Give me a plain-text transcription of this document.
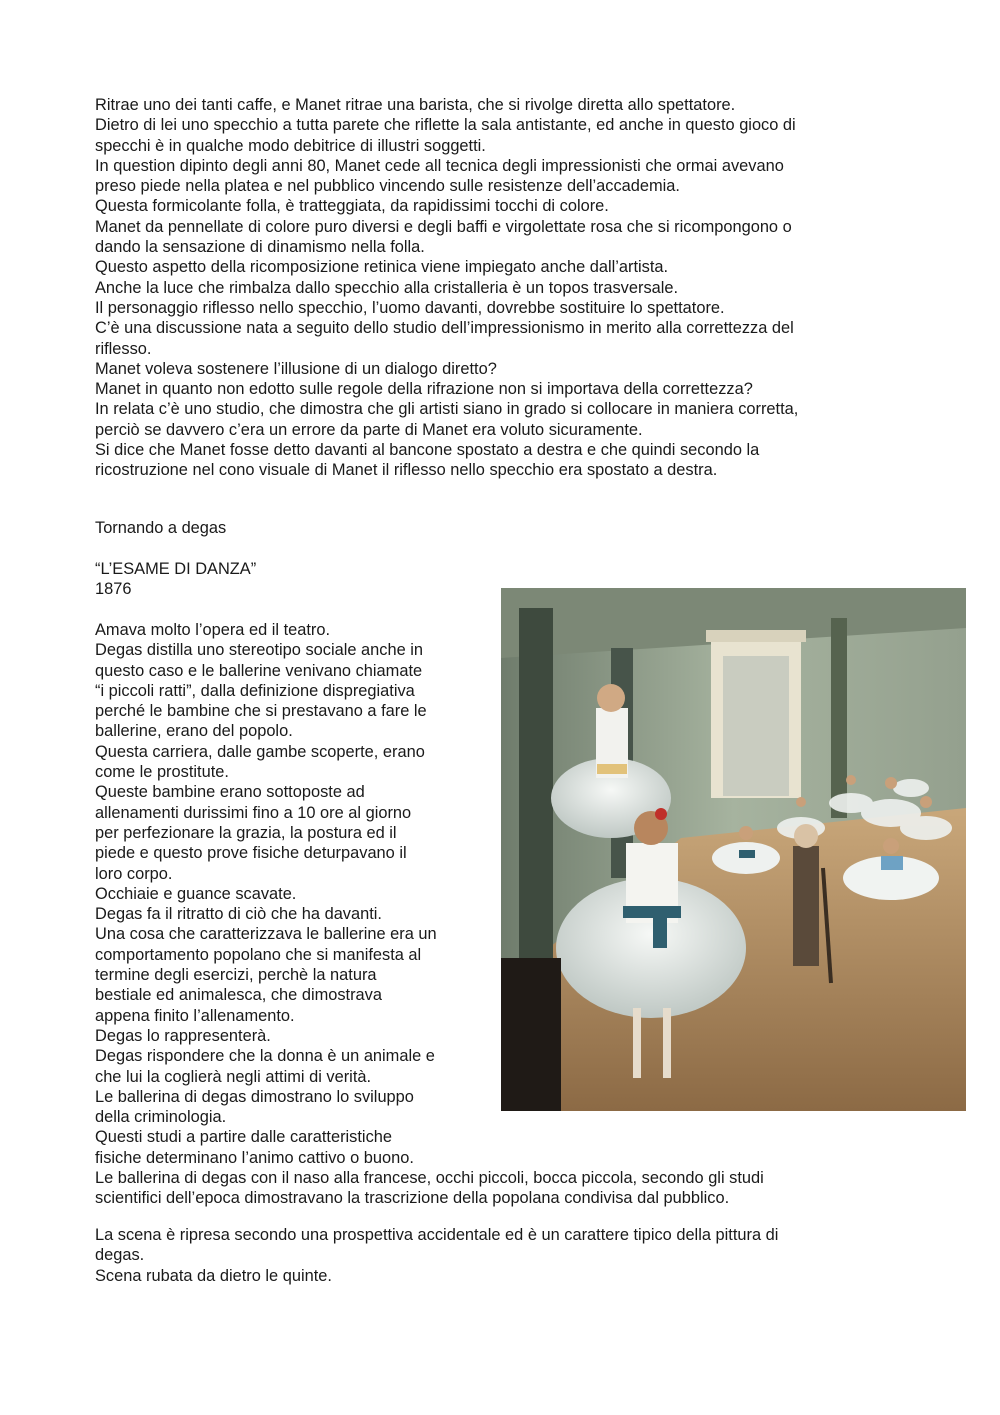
Ritrae uno dei tanti caffe, e Manet ritrae una barista, che si rivolge diretta allo spettatore.
Dietro di lei uno specchio a tutta parete che riflette la sala antistante, ed anche in questo gioco di
specchi è in qualche modo debitrice di illustri soggetti.
In question dipinto degli anni 80, Manet cede all tecnica degli impressionisti che ormai avevano
preso piede nella platea e nel pubblico vincendo sulle resistenze dell’accademia.
Questa formicolante folla, è tratteggiata, da rapidissimi tocchi di colore.
Manet da pennellate di colore puro diversi e degli baffi e virgolettate rosa che si ricompongono o
dando la sensazione di dinamismo nella folla.
Questo aspetto della ricomposizione retinica viene impiegato anche dall’artista.
Anche la luce che rimbalza dallo specchio alla cristalleria è un topos trasversale.
Il personaggio riflesso nello specchio, l’uomo davanti, dovrebbe sostituire lo spettatore.
C’è una discussione nata a seguito dello studio dell’impressionismo in merito alla correttezza del
riflesso.
Manet voleva sostenere l’illusione di un dialogo diretto?
Manet in quanto non edotto sulle regole della rifrazione non si importava della correttezza?
In relata c’è uno studio, che dimostra che gli artisti siano in grado si collocare in maniera corretta,
perciò se davvero c’era un errore da parte di Manet era voluto sicuramente.
Si dice che Manet fosse detto davanti al bancone spostato a destra e che quindi secondo la
ricostruzione nel cono visuale di Manet il riflesso nello specchio era spostato a destra.
Tornando a degas
“L’ESAME DI DANZA”
1876
Amava molto l’opera ed il teatro.
Degas distilla uno stereotipo sociale anche in
questo caso e le ballerine venivano chiamate
“i piccoli ratti”, dalla definizione dispregiativa
perché le bambine che si prestavano a fare le
ballerine, erano del popolo.
Questa carriera, dalle gambe scoperte, erano
come le prostitute.
Queste bambine erano sottoposte ad
allenamenti durissimi fino a 10 ore al giorno
per perfezionare la grazia, la postura ed il
piede e questo prove fisiche deturpavano il
loro corpo.
Occhiaie e guance scavate.
Degas fa il ritratto di ciò che ha davanti.
Una cosa che caratterizzava le ballerine era un
comportamento popolano che si manifesta al
termine degli esercizi, perchè la natura
bestiale ed animalesca, che dimostrava
appena finito l’allenamento.
Degas lo rappresenterà.
Degas rispondere che la donna è un animale e
che lui la coglierà negli attimi di verità.
Le ballerina di degas dimostrano lo sviluppo
della criminologia.
Questi studi a partire dalle caratteristiche
fisiche determinano l’animo cattivo o buono.
Le ballerina di degas con il naso alla francese, occhi piccoli, bocca piccola, secondo gli studi
scientifici dell’epoca dimostravano la trascrizione della popolana condivisa dal pubblico.
La scena è ripresa secondo una prospettiva accidentale ed è un carattere tipico della pittura di
degas.
Scena rubata da dietro le quinte.
